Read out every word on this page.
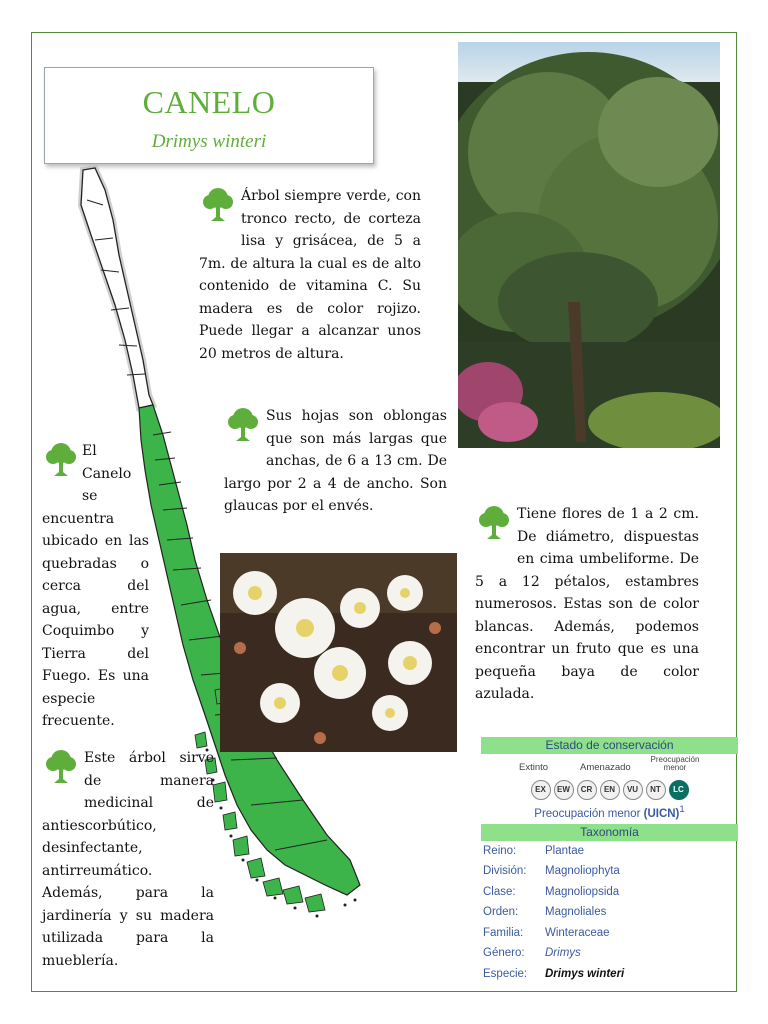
CANELO
Drimys winteri
Árbol siempre verde, con tronco recto, de corteza lisa y grisácea, de 5 a 7m. de altura la cual es de alto contenido de vitamina C. Su madera es de color rojizo. Puede llegar a alcanzar unos 20 metros de altura.
Sus hojas son oblongas que son más largas que anchas, de 6 a 13 cm. De largo por 2 a 4 de ancho. Son glaucas por el envés.
El Canelo se encuentra ubicado en las quebradas o cerca del agua, entre Coquimbo y Tierra del Fuego. Es una especie frecuente.
Tiene flores de 1 a 2 cm. De diámetro, dispuestas en cima umbeliforme. De 5 a 12 pétalos, estambres numerosos. Estas son de color blancas. Además, podemos encontrar un fruto que es una pequeña baya de color azulada.
Este árbol sirve de manera medicinal de antiescorbútico, desinfectante, antirreumático. Además, para la jardinería y su madera utilizada para la mueblería.
Estado de conservación
Extinto	Amenazado
Preocupación menor
EX	EW	CR	EN	VU	NT	LC
Preocupación menor (UICN)$^1$
Taxonomía
Reino:	Plantae
División:	Magnoliophyta
Clase:	Magnoliopsida
Orden:	Magnoliales
Familia:	Winteraceae
Género:	Drimys
Especie:	Drimys winteri
